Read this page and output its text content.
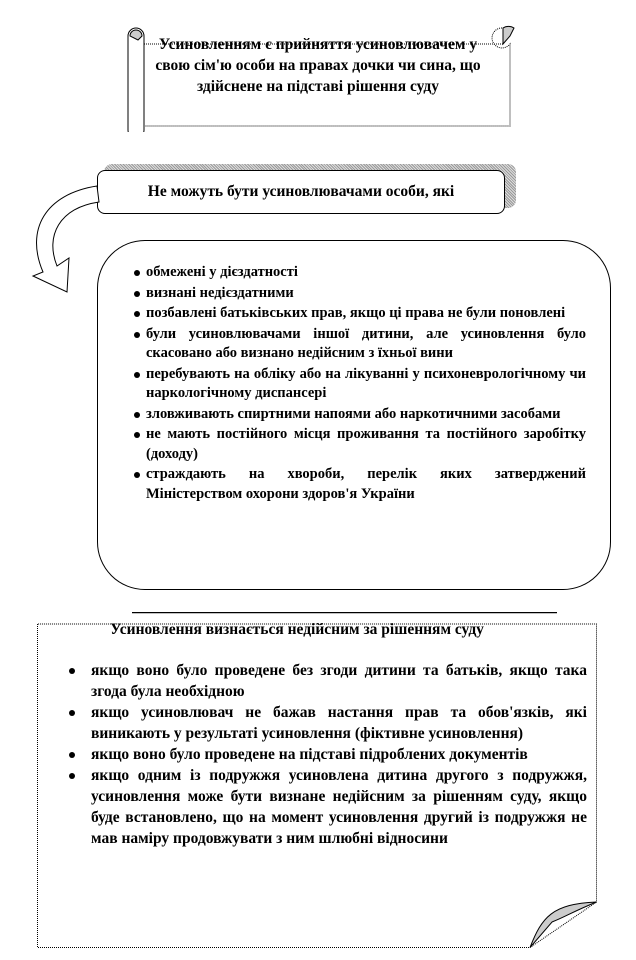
Усиновленням є прийняття усиновлювачем у свою сім'ю особи на правах дочки чи сина, що здійснене на підставі рішення суду
Не можуть бути усиновлювачами особи, які
обмежені у дієздатності
визнані недієздатними
позбавлені батьківських прав, якщо ці права не були поновлені
були усиновлювачами іншої дитини, але усиновлення було скасовано або визнано недійсним з їхньої вини
перебувають на обліку або на лікуванні у психоневрологічному чи наркологічному диспансері
зловживають спиртними напоями або наркотичними засобами
не мають постійного місця проживання та постійного заробітку (доходу)
страждають на хвороби, перелік яких затверджений Міністерством охорони здоров'я України
якщо воно було проведене без згоди дитини та батьків, якщо така згода була необхідною
якщо усиновлювач не бажав настання прав та обов'язків, які виникають у результаті усиновлення (фіктивне усиновлення)
якщо воно було проведене на підставі підроблених документів
якщо одним із подружжя усиновлена дитина другого з подружжя, усиновлення може бути визнане недійсним за рішенням суду, якщо буде встановлено, що на момент усиновлення другий із подружжя не мав наміру продовжувати з ним шлюбні відносини
Усиновлення визнається недійсним за рішенням суду
